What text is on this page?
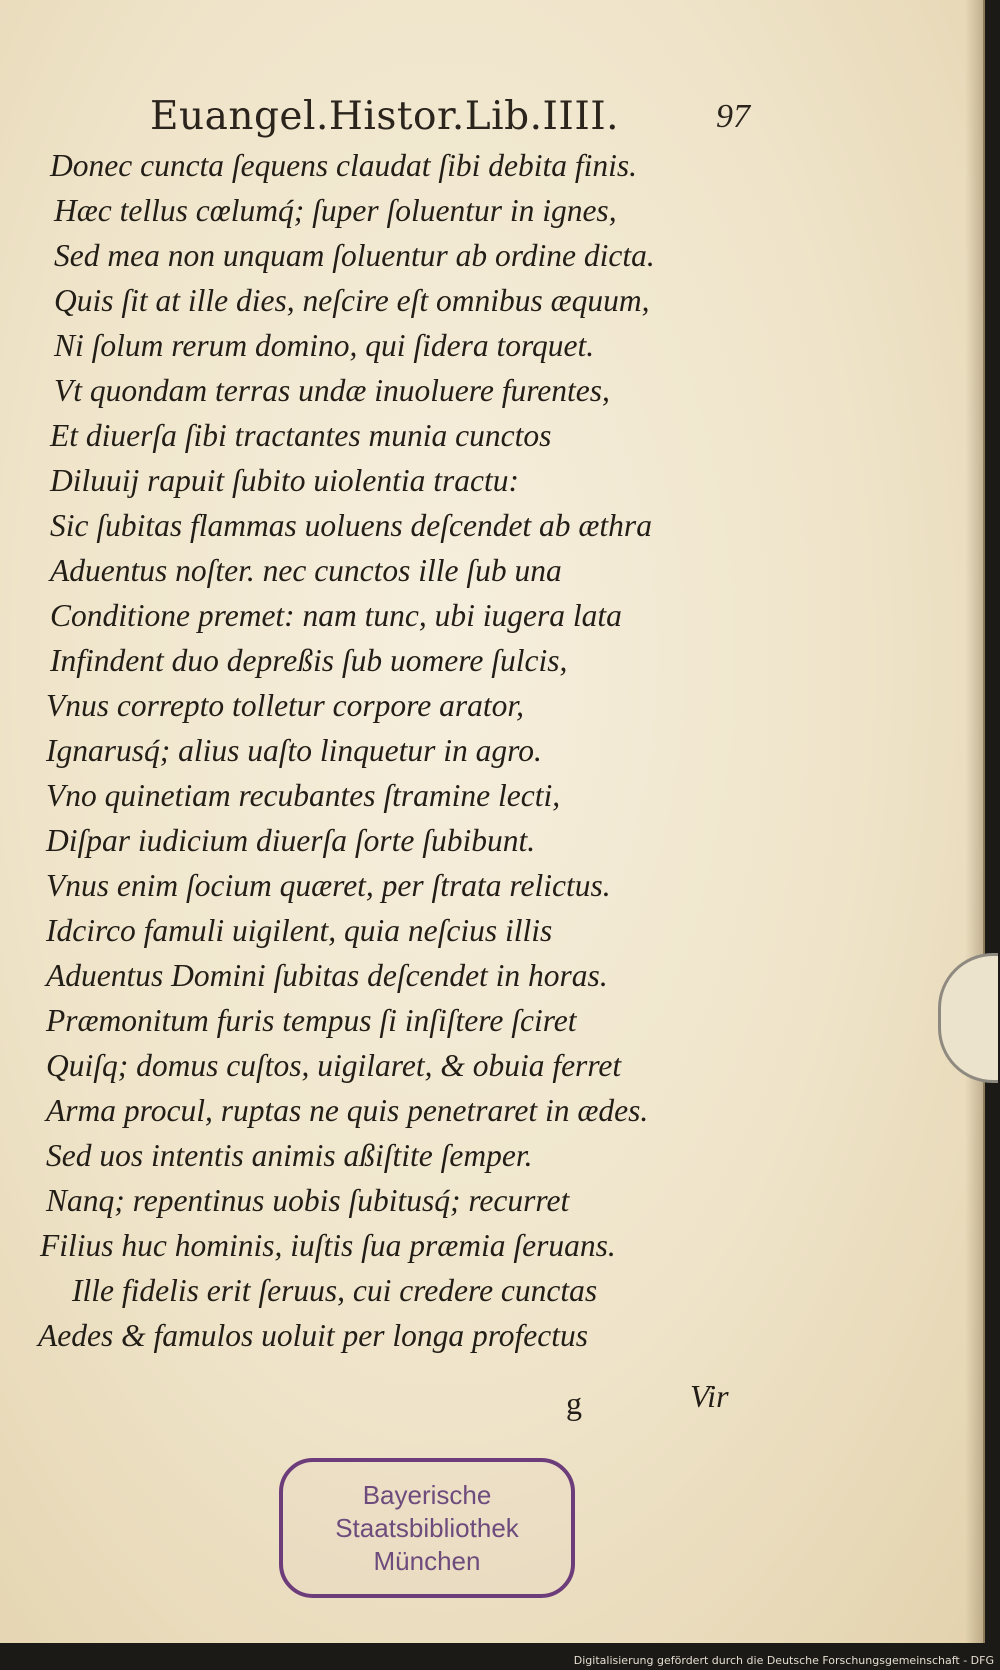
Euangel.Histor.Lib.IIII.	97
Donec cuncta ſequens claudat ſibi debita finis.
Hæc tellus cœlumq́; ſuper ſoluentur in ignes,
Sed mea non unquam ſoluentur ab ordine dicta.
Quis ſit at ille dies, neſcire eſt omnibus æquum,
Ni ſolum rerum domino, qui ſidera torquet.
Vt quondam terras undæ inuoluere furentes,
Et diuerſa ſibi tractantes munia cunctos
Diluuij rapuit ſubito uiolentia tractu:
Sic ſubitas flammas uoluens deſcendet ab æthra
Aduentus noſter. nec cunctos ille ſub una
Conditione premet: nam tunc, ubi iugera lata
Infindent duo depreßis ſub uomere ſulcis,
Vnus correpto tolletur corpore arator,
Ignarusq́; alius uaſto linquetur in agro.
Vno quinetiam recubantes ſtramine lecti,
Diſpar iudicium diuerſa ſorte ſubibunt.
Vnus enim ſocium quæret, per ſtrata relictus.
Idcirco famuli uigilent, quia neſcius illis
Aduentus Domini ſubitas deſcendet in horas.
Præmonitum furis tempus ſi inſiſtere ſciret
Quiſq; domus cuſtos, uigilaret, & obuia ferret
Arma procul, ruptas ne quis penetraret in ædes.
Sed uos intentis animis aßiſtite ſemper.
Nanq; repentinus uobis ſubitusq́; recurret
Filius huc hominis, iuſtis ſua præmia ſeruans.
Ille fidelis erit ſeruus, cui credere cunctas
Aedes & famulos uoluit per longa profectus
g	Vir
Bayerische
Staatsbibliothek
München
Digitalisierung gefördert durch die Deutsche Forschungsgemeinschaft - DFG
